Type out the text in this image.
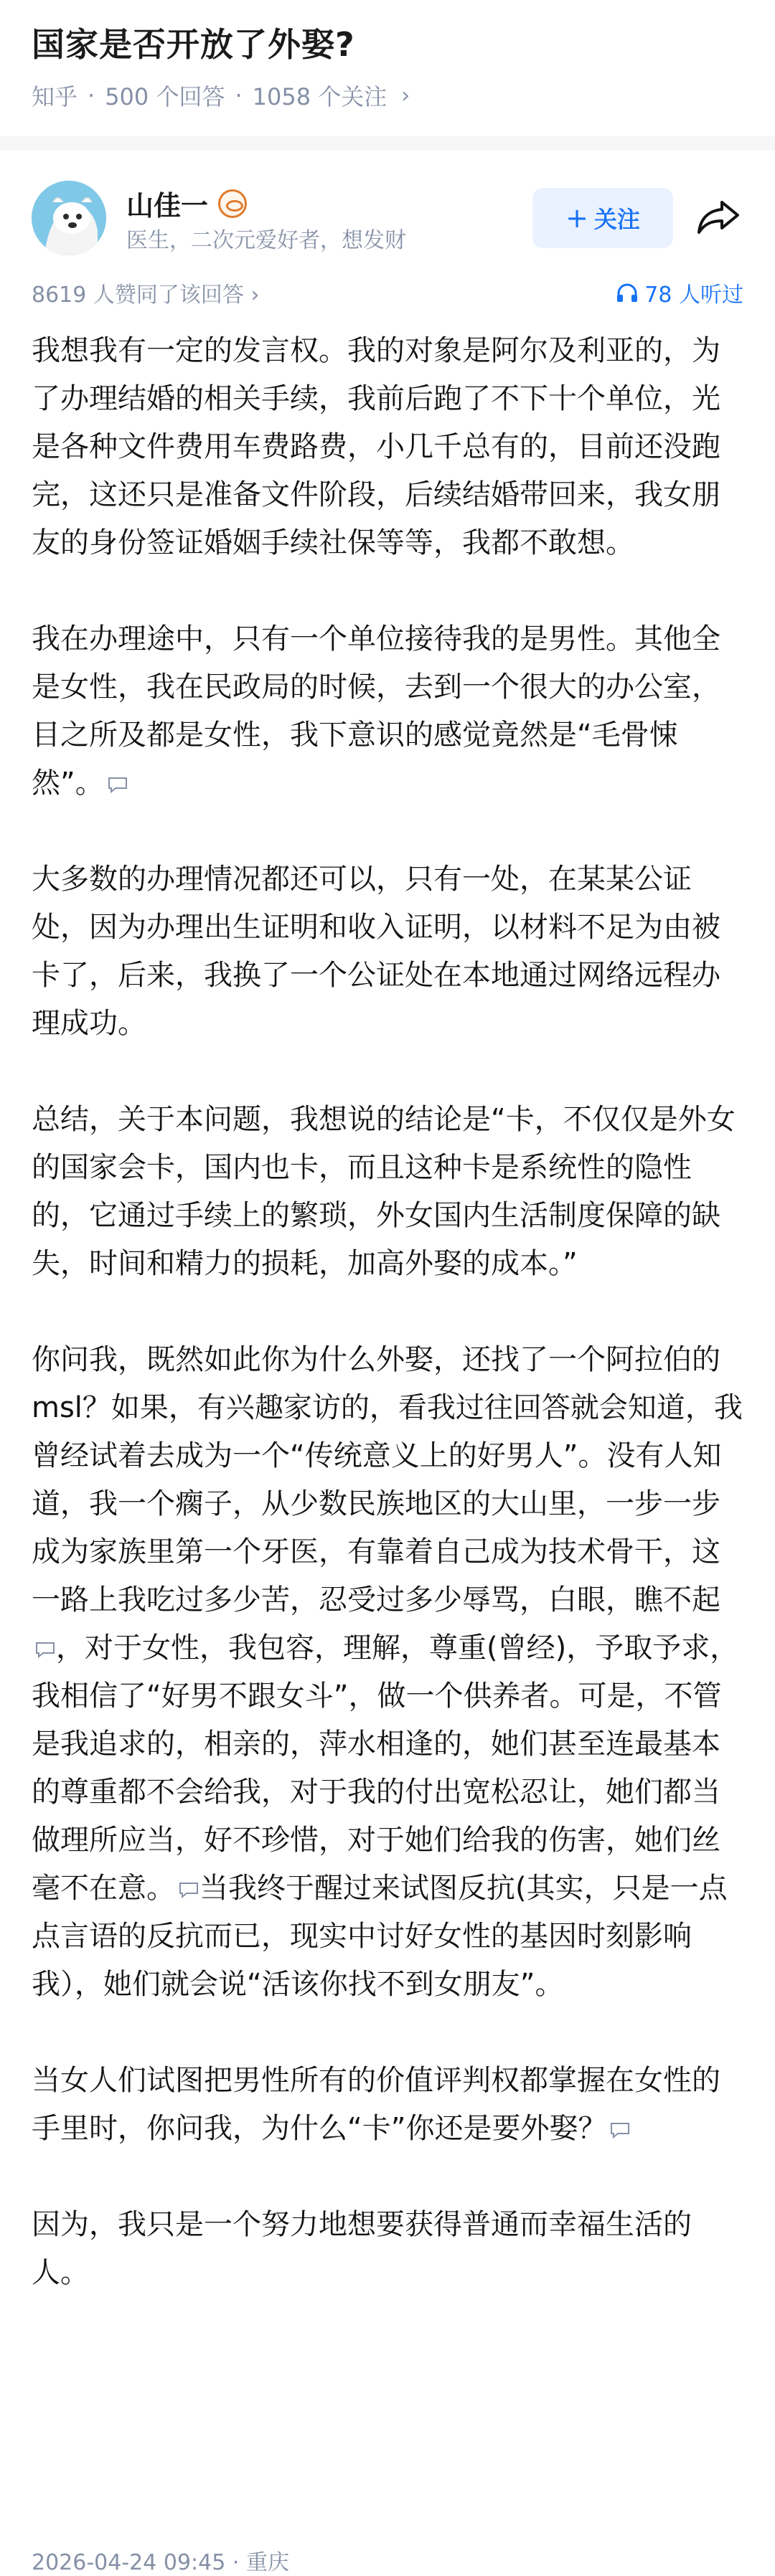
国家是否开放了外娶?
知乎 · 500 个回答 · 1058 个关注 ›
山佳一
医生，二次元爱好者，想发财
+ 关注
8619 人赞同了该回答 ›	78 人听过

我想我有一定的发言权。我的对象是阿尔及利亚的，为了办理结婚的相关手续，我前后跑了不下十个单位，光是各种文件费用车费路费，小几千总有的，目前还没跑完，这还只是准备文件阶段，后续结婚带回来，我女朋友的身份签证婚姻手续社保等等，我都不敢想。

我在办理途中，只有一个单位接待我的是男性。其他全是女性，我在民政局的时候，去到一个很大的办公室，目之所及都是女性，我下意识的感觉竟然是“毛骨悚然”。

大多数的办理情况都还可以，只有一处，在某某公证处，因为办理出生证明和收入证明，以材料不足为由被卡了，后来，我换了一个公证处在本地通过网络远程办理成功。

总结，关于本问题，我想说的结论是“卡，不仅仅是外女的国家会卡，国内也卡，而且这种卡是系统性的隐性的，它通过手续上的繁琐，外女国内生活制度保障的缺失，时间和精力的损耗，加高外娶的成本。”

你问我，既然如此你为什么外娶，还找了一个阿拉伯的msl？如果，有兴趣家访的，看我过往回答就会知道，我曾经试着去成为一个“传统意义上的好男人”。没有人知道，我一个瘸子，从少数民族地区的大山里，一步一步成为家族里第一个牙医，有靠着自己成为技术骨干，这一路上我吃过多少苦，忍受过多少辱骂，白眼，瞧不起
，对于女性，我包容，理解，尊重(曾经)，予取予求，我相信了“好男不跟女斗”，做一个供养者。可是，不管是我追求的，相亲的，萍水相逢的，她们甚至连最基本的尊重都不会给我，对于我的付出宽松忍让，她们都当做理所应当，好不珍惜，对于她们给我的伤害，她们丝毫不在意。 当我终于醒过来试图反抗(其实，只是一点点言语的反抗而已，现实中讨好女性的基因时刻影响我），她们就会说“活该你找不到女朋友”。

当女人们试图把男性所有的价值评判权都掌握在女性的手里时，你问我，为什么“卡”你还是要外娶？

因为，我只是一个努力地想要获得普通而幸福生活的人。

2026-04-24 09:45 · 重庆
